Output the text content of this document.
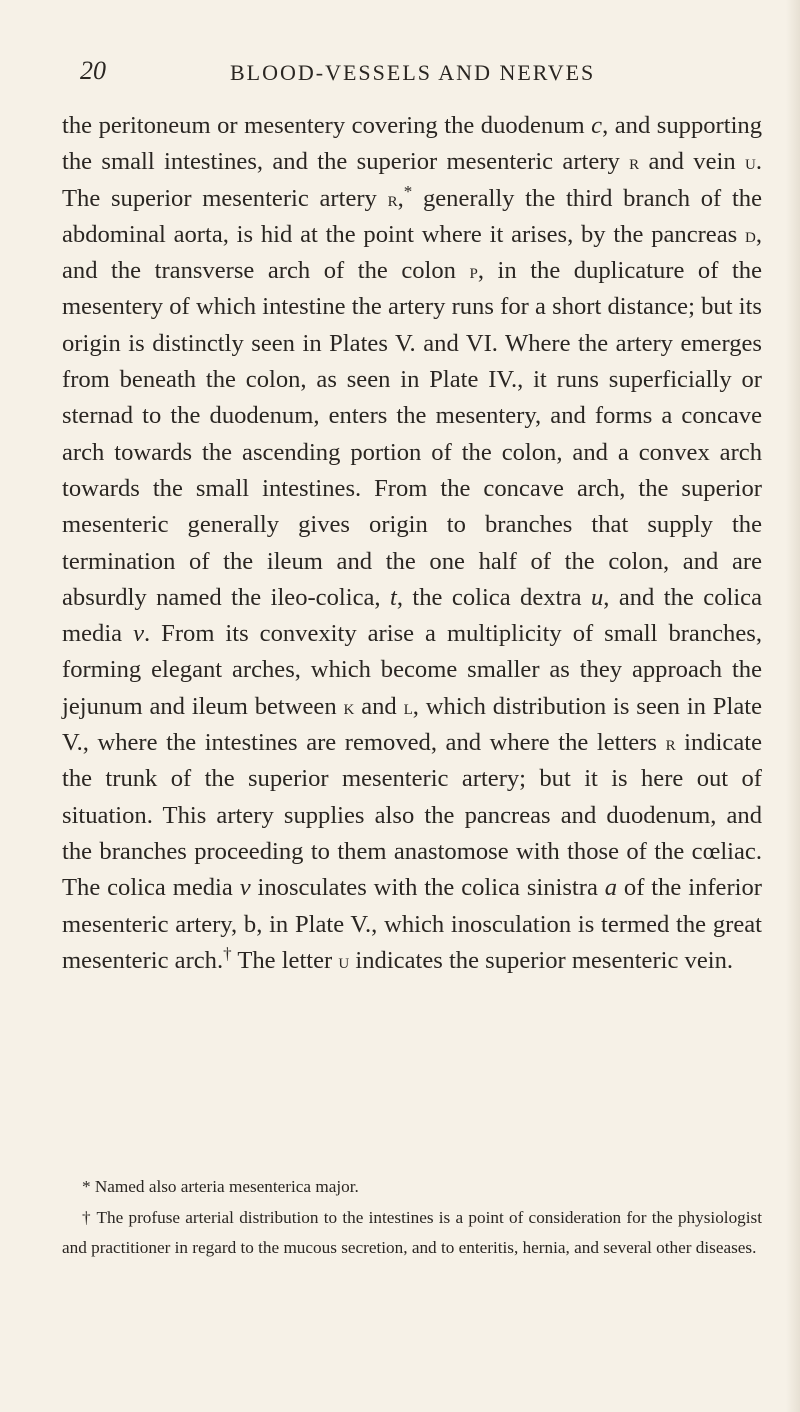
20	BLOOD-VESSELS AND NERVES

the peritoneum or mesentery covering the duodenum c, and supporting the small intestines, and the superior mesenteric artery r and vein u. The superior mesenteric artery r,* generally the third branch of the abdominal aorta, is hid at the point where it arises, by the pancreas d, and the transverse arch of the colon p, in the duplicature of the mesentery of which intestine the artery runs for a short distance; but its origin is distinctly seen in Plates V. and VI. Where the artery emerges from beneath the colon, as seen in Plate IV., it runs superficially or sternad to the duodenum, enters the mesentery, and forms a concave arch towards the ascending portion of the colon, and a convex arch towards the small intestines. From the concave arch, the superior mesenteric generally gives origin to branches that supply the termination of the ileum and the one half of the colon, and are absurdly named the ileo-colica, t, the colica dextra u, and the colica media v. From its convexity arise a multiplicity of small branches, forming elegant arches, which become smaller as they approach the jejunum and ileum between k and l, which distribution is seen in Plate V., where the intestines are removed, and where the letters r indicate the trunk of the superior mesenteric artery; but it is here out of situation. This artery supplies also the pancreas and duodenum, and the branches proceeding to them anastomose with those of the cœliac. The colica media v inosculates with the colica sinistra a of the inferior mesenteric artery, b, in Plate V., which inosculation is termed the great mesenteric arch.† The letter u indicates the superior mesenteric vein.

* Named also arteria mesenterica major.

† The profuse arterial distribution to the intestines is a point of consideration for the physiologist and practitioner in regard to the mucous secretion, and to enteritis, hernia, and several other diseases.
